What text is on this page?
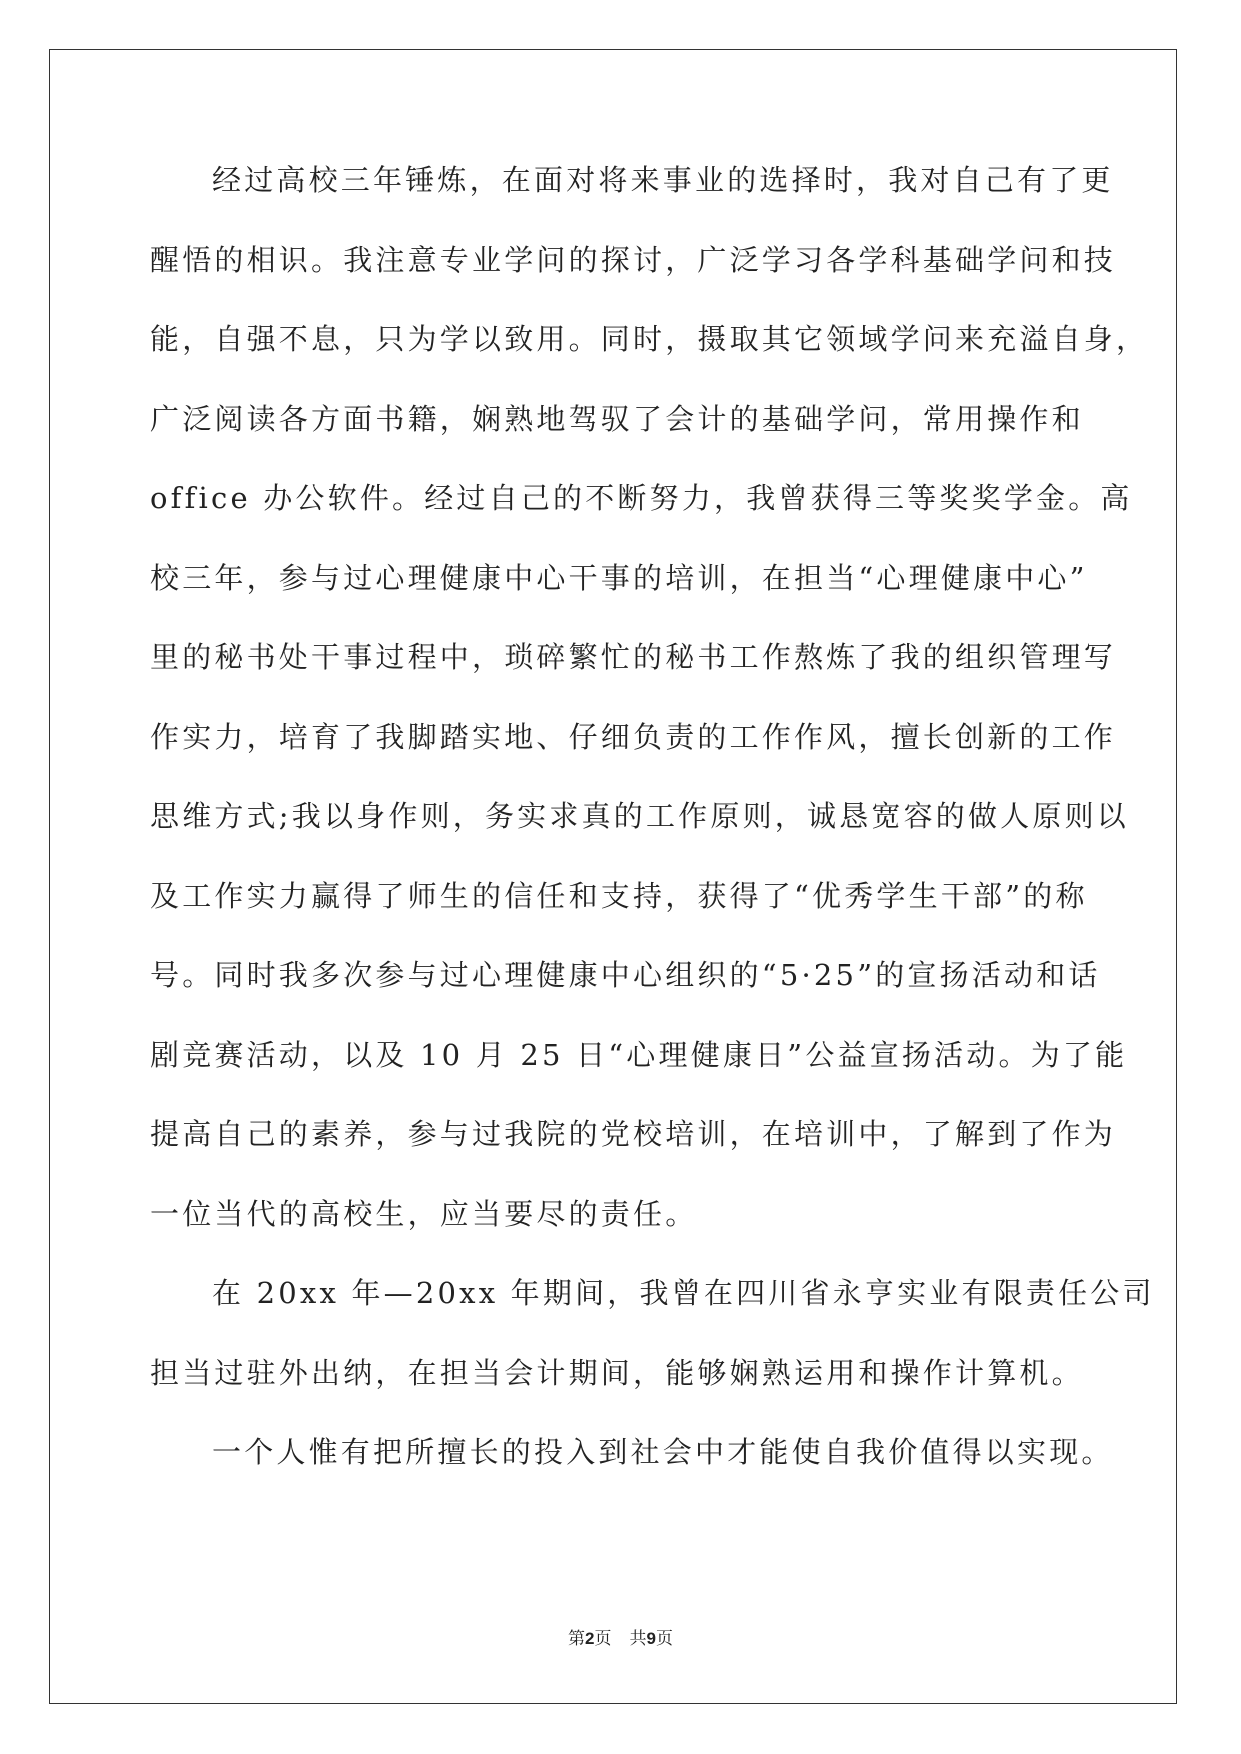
经过高校三年锤炼，在面对将来事业的选择时，我对自己有了更
醒悟的相识。我注意专业学问的探讨，广泛学习各学科基础学问和技
能，自强不息，只为学以致用。同时，摄取其它领域学问来充溢自身，
广泛阅读各方面书籍，娴熟地驾驭了会计的基础学问，常用操作和
office 办公软件。经过自己的不断努力，我曾获得三等奖奖学金。高
校三年，参与过心理健康中心干事的培训，在担当“心理健康中心”
里的秘书处干事过程中，琐碎繁忙的秘书工作熬炼了我的组织管理写
作实力，培育了我脚踏实地、仔细负责的工作作风，擅长创新的工作
思维方式;我以身作则，务实求真的工作原则，诚恳宽容的做人原则以
及工作实力赢得了师生的信任和支持，获得了“优秀学生干部”的称
号。同时我多次参与过心理健康中心组织的“5·25”的宣扬活动和话
剧竞赛活动，以及 10 月 25 日“心理健康日”公益宣扬活动。为了能
提高自己的素养，参与过我院的党校培训，在培训中，了解到了作为
一位当代的高校生，应当要尽的责任。
在 20xx 年—20xx 年期间，我曾在四川省永亨实业有限责任公司
担当过驻外出纳，在担当会计期间，能够娴熟运用和操作计算机。
一个人惟有把所擅长的投入到社会中才能使自我价值得以实现。
第2页 共9页
